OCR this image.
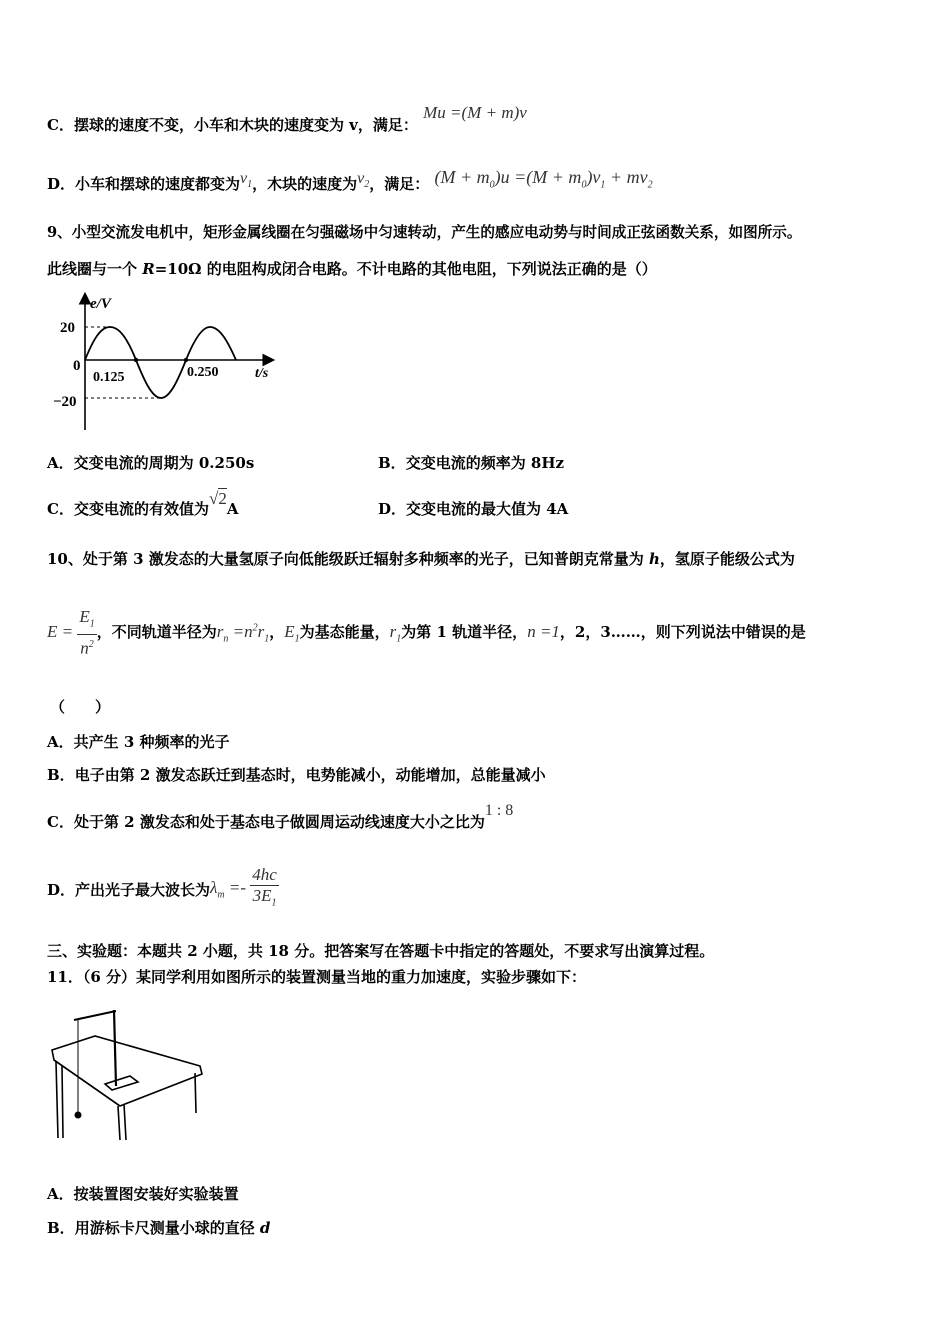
C．摆球的速度不变，小车和木块的速度变为 v，满足： Mu =(M + m)v
D．小车和摆球的速度都变为$v_1$，木块的速度为$v_2$，满足： $(M + m_0)u =(M + m_0)v_1 + mv_2$
9、小型交流发电机中，矩形金属线圈在匀强磁场中匀速转动，产生的感应电动势与时间成正弦函数关系，如图所示。
此线圈与一个 R=10Ω 的电阻构成闭合电路。不计电路的其他电阻，下列说法正确的是（）
e/V
t/s
20
0
−20
0.125	0.250
A．交变电流的周期为 0.250s	B．交变电流的频率为 8Hz
C．交变电流的有效值为√2A	D．交变电流的最大值为 4A
10、处于第 3 激发态的大量氢原子向低能级跃迁辐射多种频率的光子，已知普朗克常量为 h，氢原子能级公式为
$E = \frac{E_1}{n^2}$ ，不同轨道半径为$r_n =n^2r_1$，$E_1$为基态能量，$r_1$为第 1 轨道半径，n =1，2，3……，则下列说法中错误的是
（　　）
A．共产生 3 种频率的光子
B．电子由第 2 激发态跃迁到基态时，电势能减小，动能增加，总能量减小
C．处于第 2 激发态和处于基态电子做圆周运动线速度大小之比为1 : 8
D．产出光子最大波长为$\lambda_m =- \frac{4hc}{3E_1}$
三、实验题：本题共 2 小题，共 18 分。把答案写在答题卡中指定的答题处，不要求写出演算过程。
11．（6 分）某同学利用如图所示的装置测量当地的重力加速度，实验步骤如下：
A．按装置图安装好实验装置
B．用游标卡尺测量小球的直径 d
